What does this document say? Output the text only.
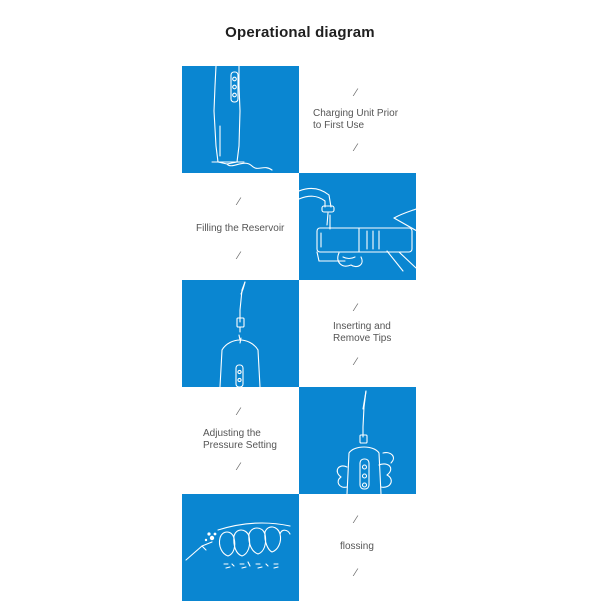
Operational diagram
⁄
Charging Unit Prior
to First Use
⁄
⁄
Filling the Reservoir
⁄
⁄
Inserting and
Remove Tips
⁄
⁄
Adjusting the
Pressure Setting
⁄
⁄
flossing
⁄
